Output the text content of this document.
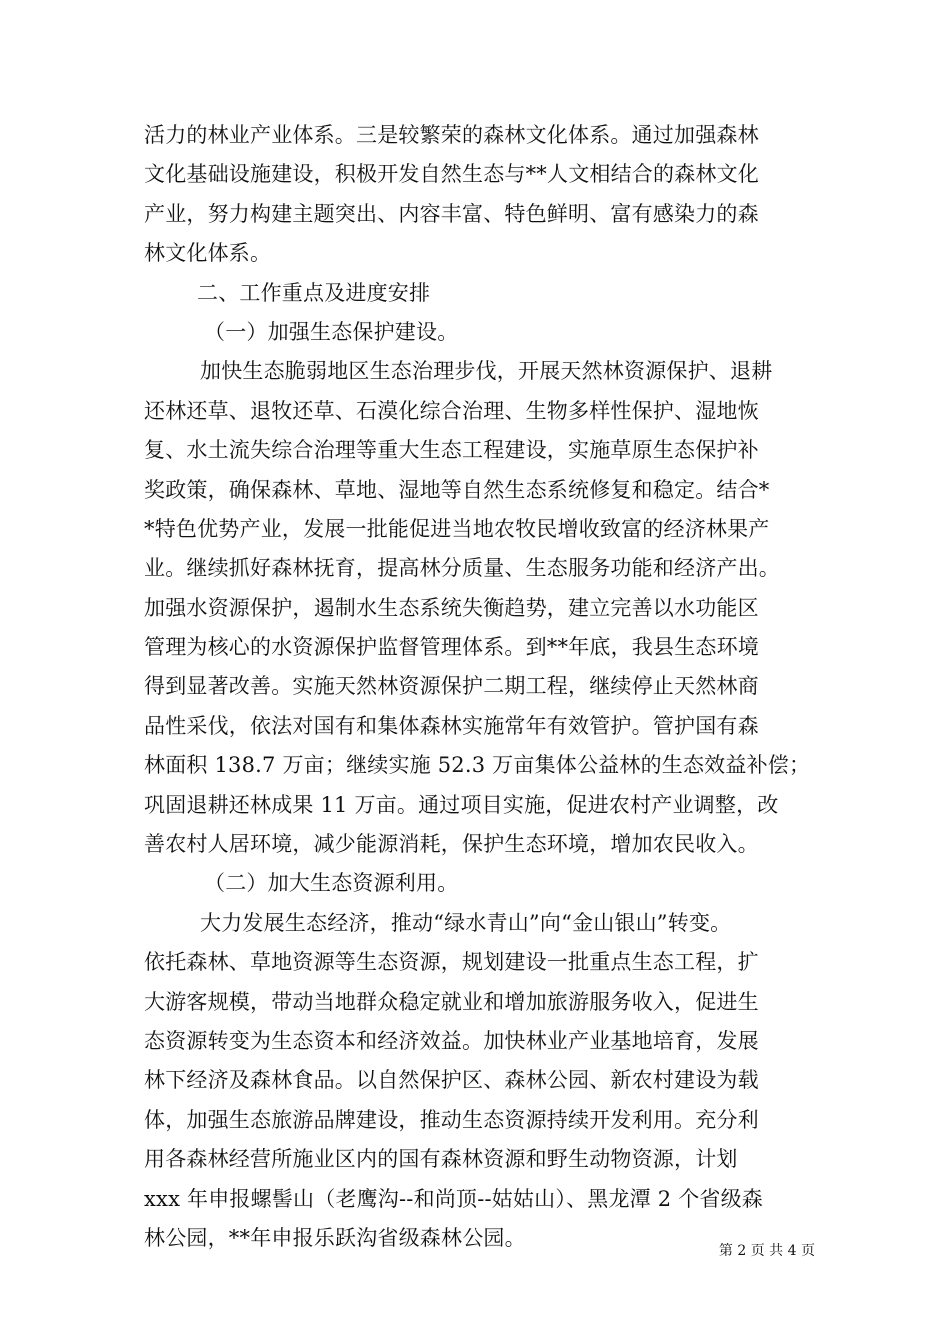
活力的林业产业体系。三是较繁荣的森林文化体系。通过加强森林
文化基础设施建设，积极开发自然生态与**人文相结合的森林文化
产业，努力构建主题突出、内容丰富、特色鲜明、富有感染力的森
林文化体系。
二、工作重点及进度安排
（一）加强生态保护建设。
加快生态脆弱地区生态治理步伐，开展天然林资源保护、退耕
还林还草、退牧还草、石漠化综合治理、生物多样性保护、湿地恢
复、水土流失综合治理等重大生态工程建设，实施草原生态保护补
奖政策，确保森林、草地、湿地等自然生态系统修复和稳定。结合*
*特色优势产业，发展一批能促进当地农牧民增收致富的经济林果产
业。继续抓好森林抚育，提高林分质量、生态服务功能和经济产出。
加强水资源保护，遏制水生态系统失衡趋势，建立完善以水功能区
管理为核心的水资源保护监督管理体系。到**年底，我县生态环境
得到显著改善。实施天然林资源保护二期工程，继续停止天然林商
品性采伐，依法对国有和集体森林实施常年有效管护。管护国有森
林面积 138.7 万亩；继续实施 52.3 万亩集体公益林的生态效益补偿；
巩固退耕还林成果 11 万亩。通过项目实施，促进农村产业调整，改
善农村人居环境，减少能源消耗，保护生态环境，增加农民收入。
（二）加大生态资源利用。
大力发展生态经济，推动“绿水青山”向“金山银山”转变。
依托森林、草地资源等生态资源，规划建设一批重点生态工程，扩
大游客规模，带动当地群众稳定就业和增加旅游服务收入，促进生
态资源转变为生态资本和经济效益。加快林业产业基地培育，发展
林下经济及森林食品。以自然保护区、森林公园、新农村建设为载
体，加强生态旅游品牌建设，推动生态资源持续开发利用。充分利
用各森林经营所施业区内的国有森林资源和野生动物资源，计划
xxx 年申报螺髻山（老鹰沟--和尚顶--姑姑山）、黑龙潭 2 个省级森
林公园，**年申报乐跃沟省级森林公园。
第 2 页 共 4 页
